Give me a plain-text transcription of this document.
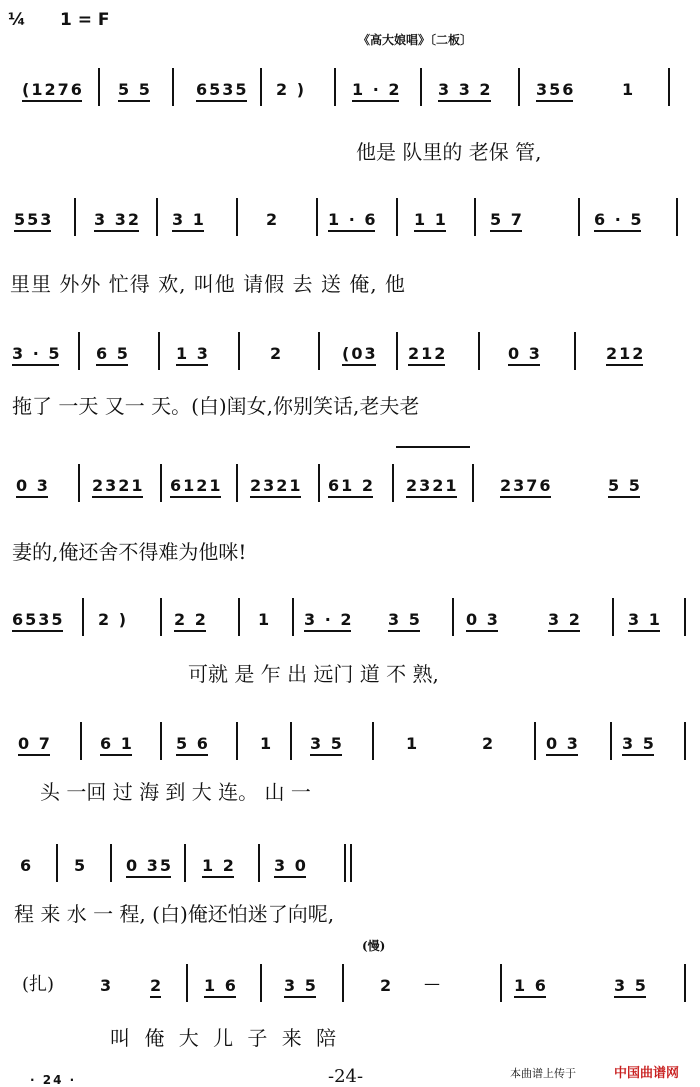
¼ 1 = F
《高大娘唱》〔二板〕
(1276 5 5	6535 2 )	1 · 2 3 3 2	356	1
他是 队里的 老保 管,
553	3 32 3 1	2	1 · 6 1 1	5 7	6 · 5
里里 外外 忙得 欢, 叫他 请假 去 送 俺, 他
3 · 5 6 5	1 3	2	(03 212	0 3	212
拖了 一天 又一 天。(白)闺女,你别笑话,老夫老
0 3	2321 6121 2321 61 2 2321	2376	5 5
妻的,俺还舍不得难为他咪!
6535 2 )	2 2	1 3 · 2 3 5	0 3	3 2	3 1
可就 是 乍 出 远门 道 不 熟,
0 7	6 1	5 6	1 3 5	1	2	0 3	3 5
头 一回 过 海 到 大 连。 山 一
6	5 0 35 1 2 3 0
程 来 水 一 程, (白)俺还怕迷了向呢,
(慢)
(扎)	3 2	1 6	3 5	2 —	1 6	3 5
叫 俺 大 儿 子 来 陪
· 24 ·	-24-	本曲谱上传于	中国曲谱网
